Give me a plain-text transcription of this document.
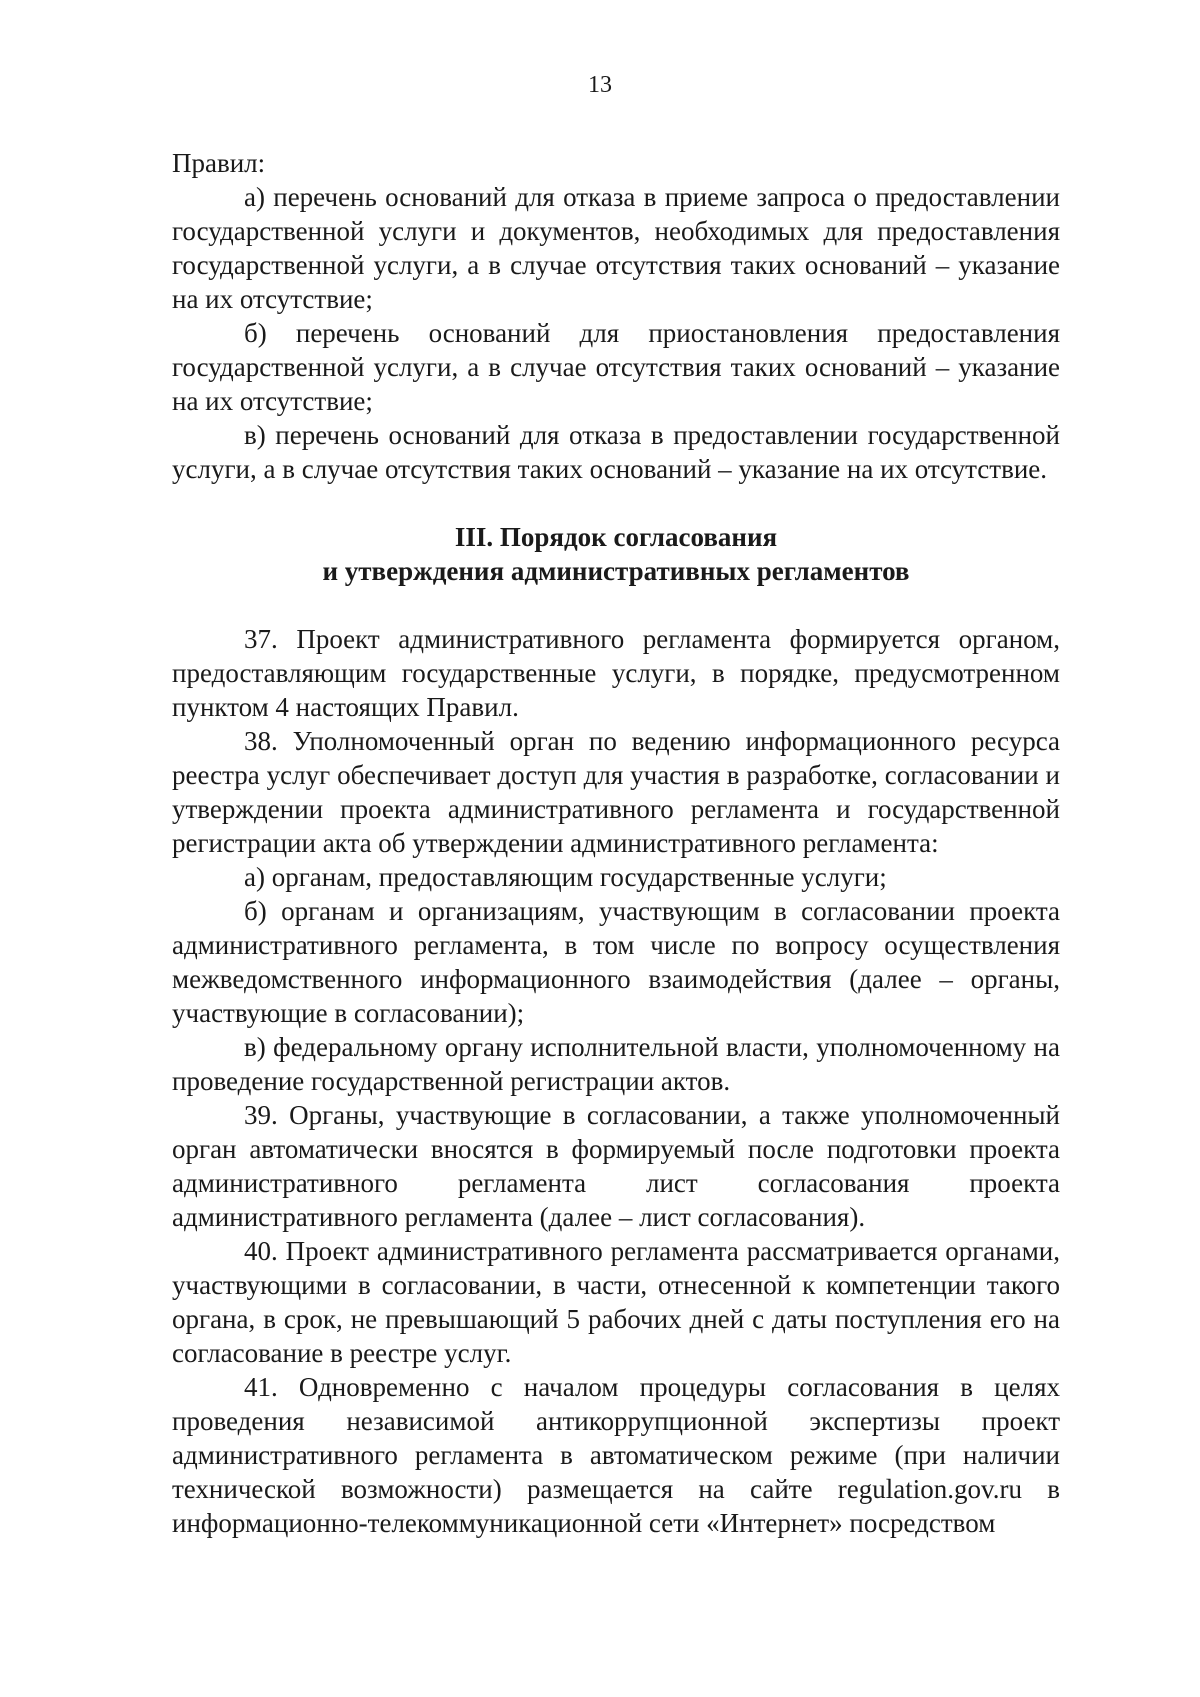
13

Правил:

а) перечень оснований для отказа в приеме запроса о предоставлении государственной услуги и документов, необходимых для предоставления государственной услуги, а в случае отсутствия таких оснований – указание на их отсутствие;

б) перечень оснований для приостановления предоставления государственной услуги, а в случае отсутствия таких оснований – указание на их отсутствие;

в) перечень оснований для отказа в предоставлении государственной услуги, а в случае отсутствия таких оснований – указание на их отсутствие.

III. Порядок согласования
и утверждения административных регламентов

37. Проект административного регламента формируется органом, предоставляющим государственные услуги, в порядке, предусмотренном пунктом 4 настоящих Правил.

38. Уполномоченный орган по ведению информационного ресурса реестра услуг обеспечивает доступ для участия в разработке, согласовании и утверждении проекта административного регламента и государственной регистрации акта об утверждении административного регламента:

а) органам, предоставляющим государственные услуги;

б) органам и организациям, участвующим в согласовании проекта административного регламента, в том числе по вопросу осуществления межведомственного информационного взаимодействия (далее – органы, участвующие в согласовании);

в) федеральному органу исполнительной власти, уполномоченному на проведение государственной регистрации актов.

39. Органы, участвующие в согласовании, а также уполномоченный орган автоматически вносятся в формируемый после подготовки проекта административного регламента лист согласования проекта административного регламента (далее – лист согласования).

40. Проект административного регламента рассматривается органами, участвующими в согласовании, в части, отнесенной к компетенции такого органа, в срок, не превышающий 5 рабочих дней с даты поступления его на согласование в реестре услуг.

41. Одновременно с началом процедуры согласования в целях проведения независимой антикоррупционной экспертизы проект административного регламента в автоматическом режиме (при наличии технической возможности) размещается на сайте regulation.gov.ru в информационно-телекоммуникационной сети «Интернет» посредством
